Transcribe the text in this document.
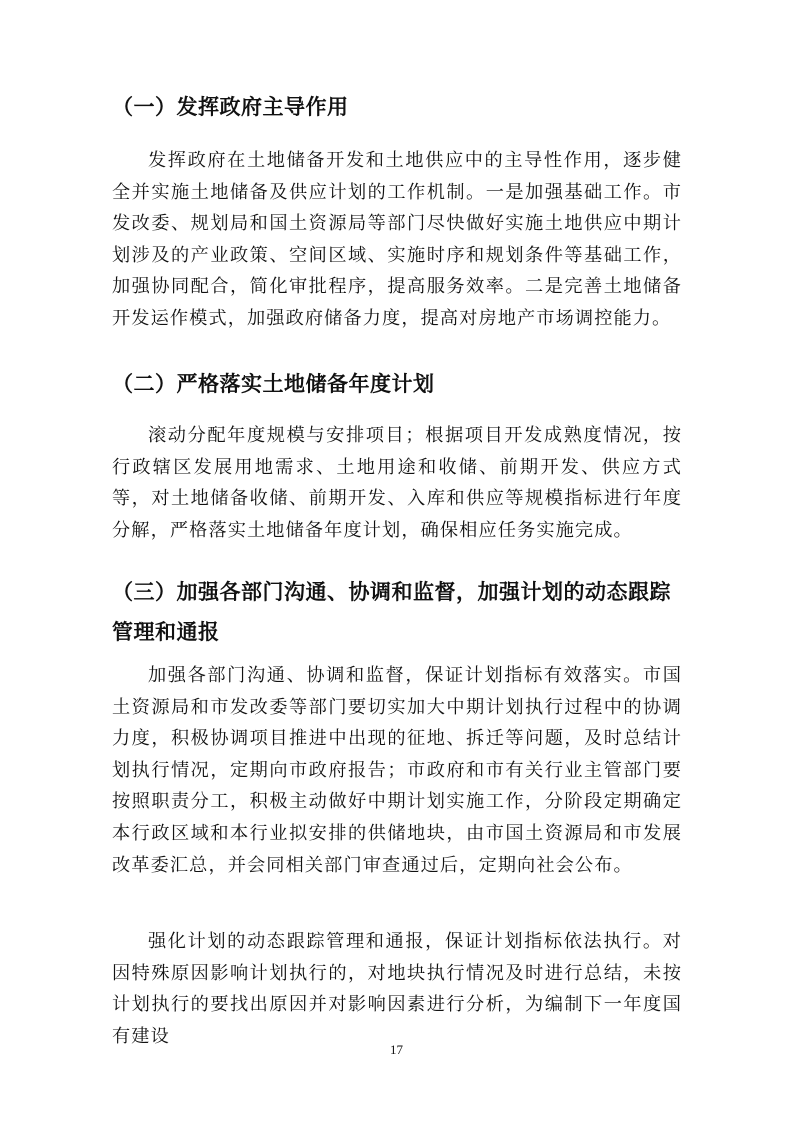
（一）发挥政府主导作用
发挥政府在土地储备开发和土地供应中的主导性作用，逐步健全并实施土地储备及供应计划的工作机制。一是加强基础工作。市发改委、规划局和国土资源局等部门尽快做好实施土地供应中期计划涉及的产业政策、空间区域、实施时序和规划条件等基础工作，加强协同配合，简化审批程序，提高服务效率。二是完善土地储备开发运作模式，加强政府储备力度，提高对房地产市场调控能力。
（二）严格落实土地储备年度计划
滚动分配年度规模与安排项目；根据项目开发成熟度情况，按行政辖区发展用地需求、土地用途和收储、前期开发、供应方式等，对土地储备收储、前期开发、入库和供应等规模指标进行年度分解，严格落实土地储备年度计划，确保相应任务实施完成。
（三）加强各部门沟通、协调和监督，加强计划的动态跟踪管理和通报
加强各部门沟通、协调和监督，保证计划指标有效落实。市国土资源局和市发改委等部门要切实加大中期计划执行过程中的协调力度，积极协调项目推进中出现的征地、拆迁等问题，及时总结计划执行情况，定期向市政府报告；市政府和市有关行业主管部门要按照职责分工，积极主动做好中期计划实施工作，分阶段定期确定本行政区域和本行业拟安排的供储地块，由市国土资源局和市发展改革委汇总，并会同相关部门审查通过后，定期向社会公布。
强化计划的动态跟踪管理和通报，保证计划指标依法执行。对因特殊原因影响计划执行的，对地块执行情况及时进行总结，未按计划执行的要找出原因并对影响因素进行分析，为编制下一年度国有建设
17
